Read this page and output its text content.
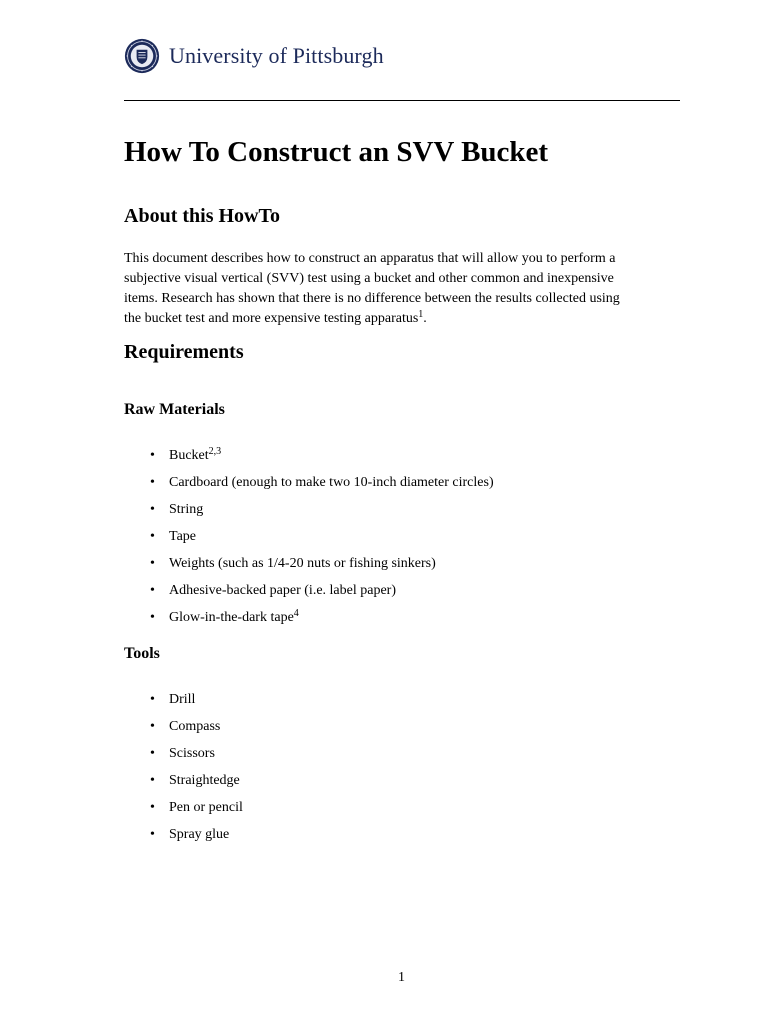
University of Pittsburgh
How To Construct an SVV Bucket
About this HowTo

This document describes how to construct an apparatus that will allow you to perform a
subjective visual vertical (SVV) test using a bucket and other common and inexpensive
items. Research has shown that there is no difference between the results collected using
the bucket test and more expensive testing apparatus$^1$.

Requirements
Raw Materials
• Bucket$^{2,3}$
• Cardboard (enough to make two 10-inch diameter circles)
• String
• Tape
• Weights (such as 1/4-20 nuts or fishing sinkers)
• Adhesive-backed paper (i.e. label paper)
• Glow-in-the-dark tape$^4$
Tools
• Drill
• Compass
• Scissors
• Straightedge
• Pen or pencil
• Spray glue
1
